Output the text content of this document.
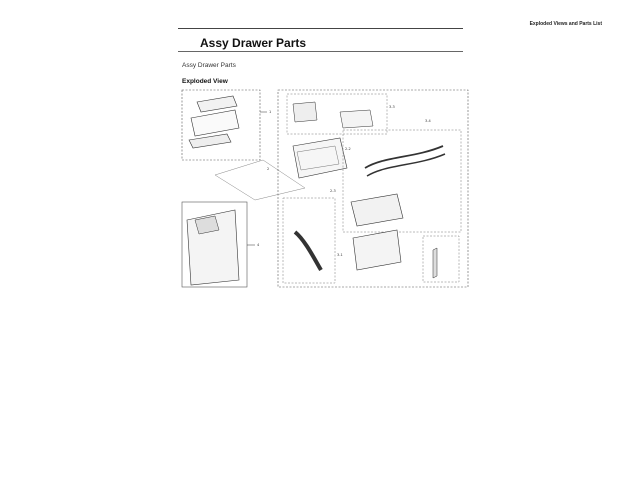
Exploded Views and Parts List
Assy Drawer Parts
Assy Drawer Parts
Exploded View
1
2
4
3-3
3-4
2-2
2-3
3-1
